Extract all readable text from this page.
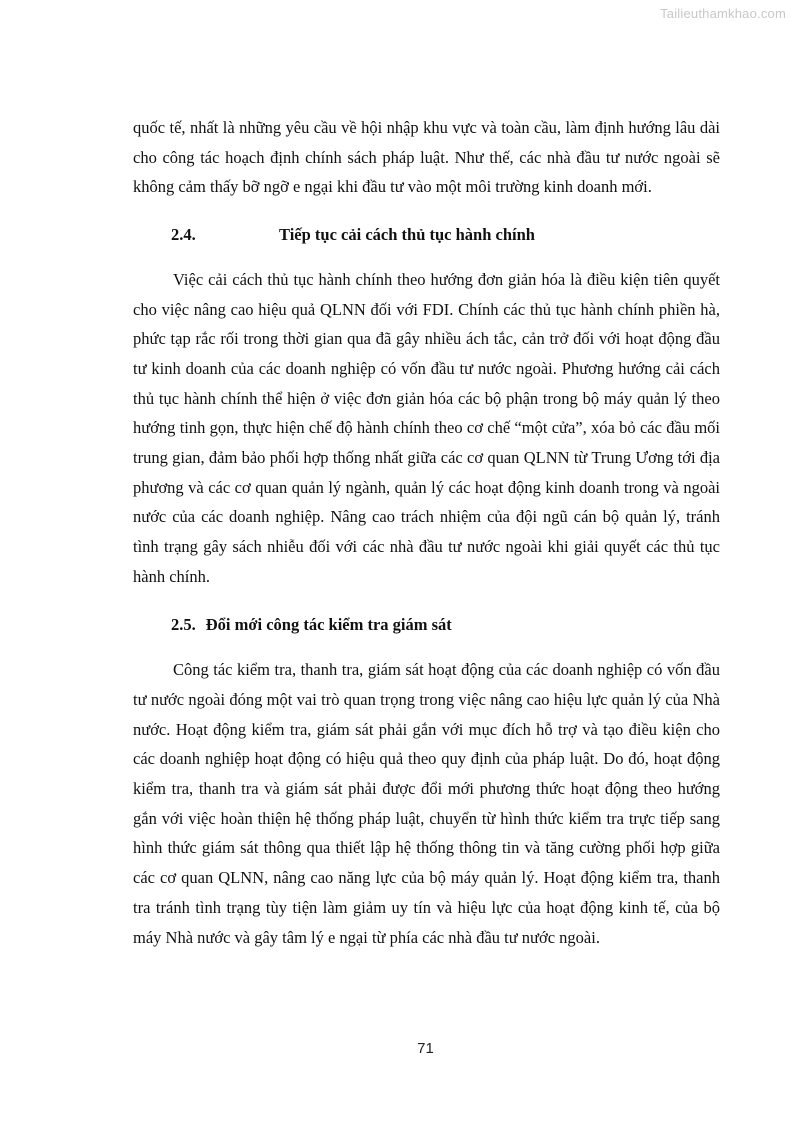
Tailieuthamkhao.com

quốc tế, nhất là những yêu cầu về hội nhập khu vực và toàn cầu, làm định hướng lâu dài cho công tác hoạch định chính sách pháp luật. Như thế, các nhà đầu tư nước ngoài sẽ không cảm thấy bỡ ngỡ e ngại khi đầu tư vào một môi trường kinh doanh mới.

2.4.	Tiếp tục cải cách thủ tục hành chính

Việc cải cách thủ tục hành chính theo hướng đơn giản hóa là điều kiện tiên quyết cho việc nâng cao hiệu quả QLNN đối với FDI. Chính các thủ tục hành chính phiền hà, phức tạp rắc rối trong thời gian qua đã gây nhiều ách tắc, cản trở đối với hoạt động đầu tư kinh doanh của các doanh nghiệp có vốn đầu tư nước ngoài. Phương hướng cải cách thủ tục hành chính thể hiện ở việc đơn giản hóa các bộ phận trong bộ máy quản lý theo hướng tinh gọn, thực hiện chế độ hành chính theo cơ chế “một cửa”, xóa bỏ các đầu mối trung gian, đảm bảo phối hợp thống nhất giữa các cơ quan QLNN từ Trung Ương tới địa phương và các cơ quan quản lý ngành, quản lý các hoạt động kinh doanh trong và ngoài nước của các doanh nghiệp. Nâng cao trách nhiệm của đội ngũ cán bộ quản lý, tránh tình trạng gây sách nhiễu đối với các nhà đầu tư nước ngoài khi giải quyết các thủ tục hành chính.

2.5. Đổi mới công tác kiểm tra giám sát

Công tác kiểm tra, thanh tra, giám sát hoạt động của các doanh nghiệp có vốn đầu tư nước ngoài đóng một vai trò quan trọng trong việc nâng cao hiệu lực quản lý của Nhà nước. Hoạt động kiểm tra, giám sát phải gắn với mục đích hỗ trợ và tạo điều kiện cho các doanh nghiệp hoạt động có hiệu quả theo quy định của pháp luật. Do đó, hoạt động kiểm tra, thanh tra và giám sát phải được đổi mới phương thức hoạt động theo hướng gắn với việc hoàn thiện hệ thống pháp luật, chuyển từ hình thức kiểm tra trực tiếp sang hình thức giám sát thông qua thiết lập hệ thống thông tin và tăng cường phối hợp giữa các cơ quan QLNN, nâng cao năng lực của bộ máy quản lý. Hoạt động kiểm tra, thanh tra tránh tình trạng tùy tiện làm giảm uy tín và hiệu lực của hoạt động kinh tế, của bộ máy Nhà nước và gây tâm lý e ngại từ phía các nhà đầu tư nước ngoài.

71
